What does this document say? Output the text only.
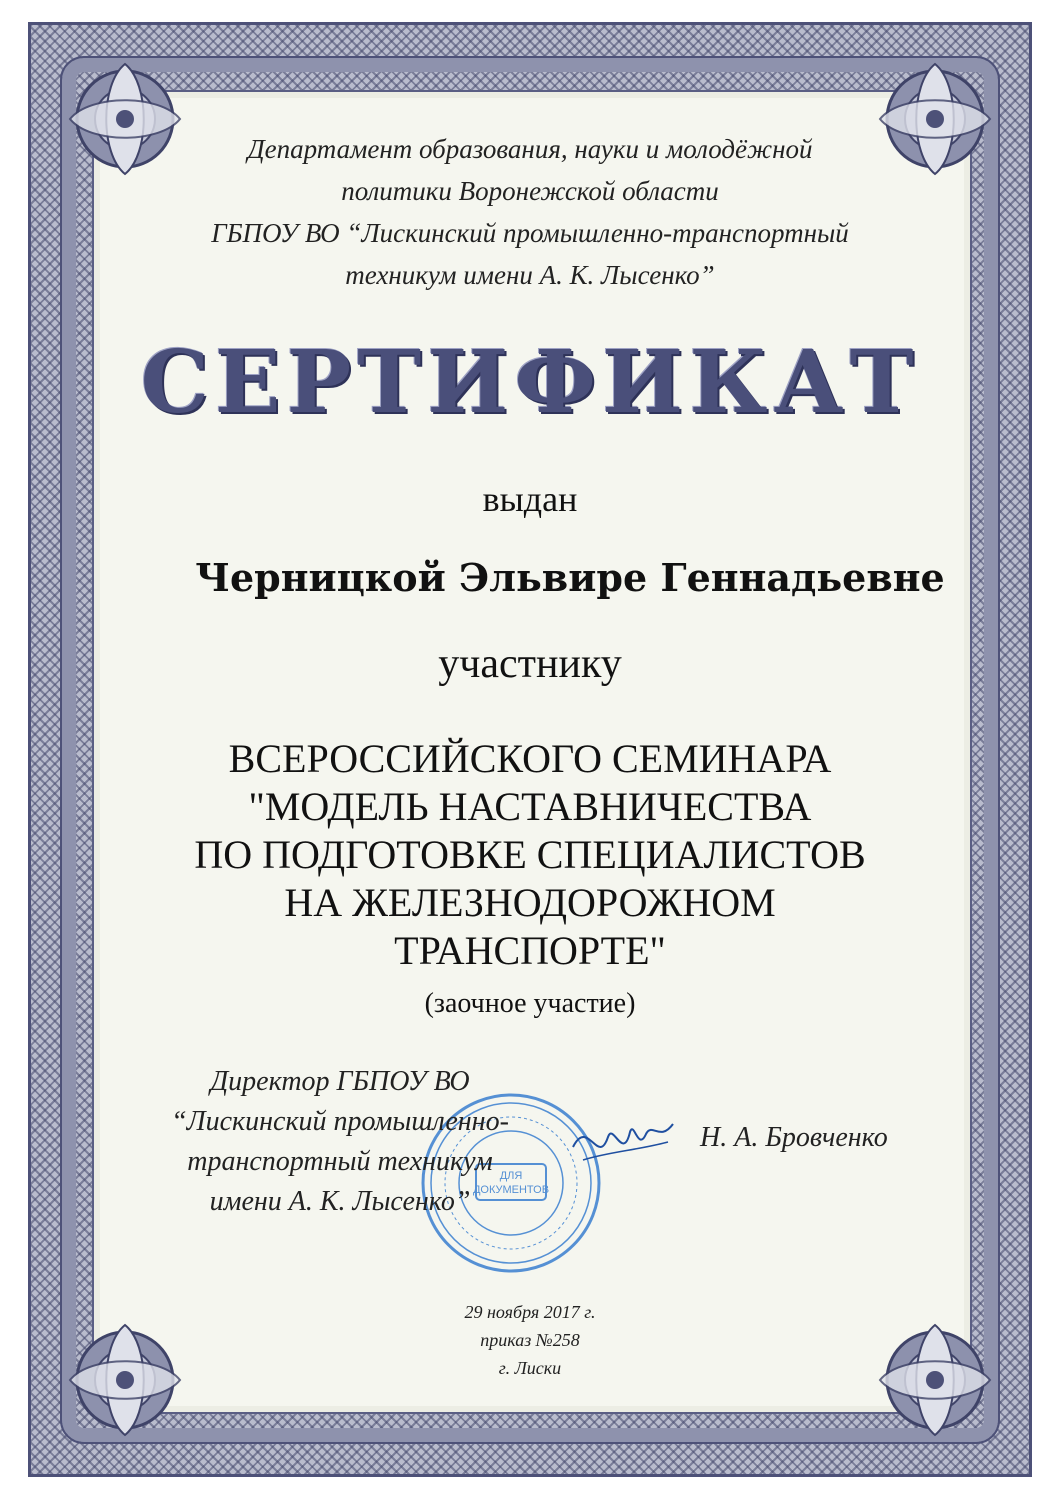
Департамент образования, науки и молодёжной
политики Воронежской области
ГБПОУ ВО “Лискинский промышленно-транспортный
техникум имени А. К. Лысенко”
СЕРТИФИКАТ
выдан
Черницкой Эльвире Геннадьевне
участнику
ВСЕРОССИЙСКОГО СЕМИНАРА
"МОДЕЛЬ НАСТАВНИЧЕСТВА
ПО ПОДГОТОВКЕ СПЕЦИАЛИСТОВ
НА ЖЕЛЕЗНОДОРОЖНОМ
ТРАНСПОРТЕ"
(заочное участие)
ДЛЯ
ДОКУМЕНТОВ
Директор ГБПОУ ВО
“Лискинский промышленно-
транспортный техникум
имени А. К. Лысенко”
Н. А. Бровченко
29 ноября 2017 г.
приказ №258
г. Лиски
